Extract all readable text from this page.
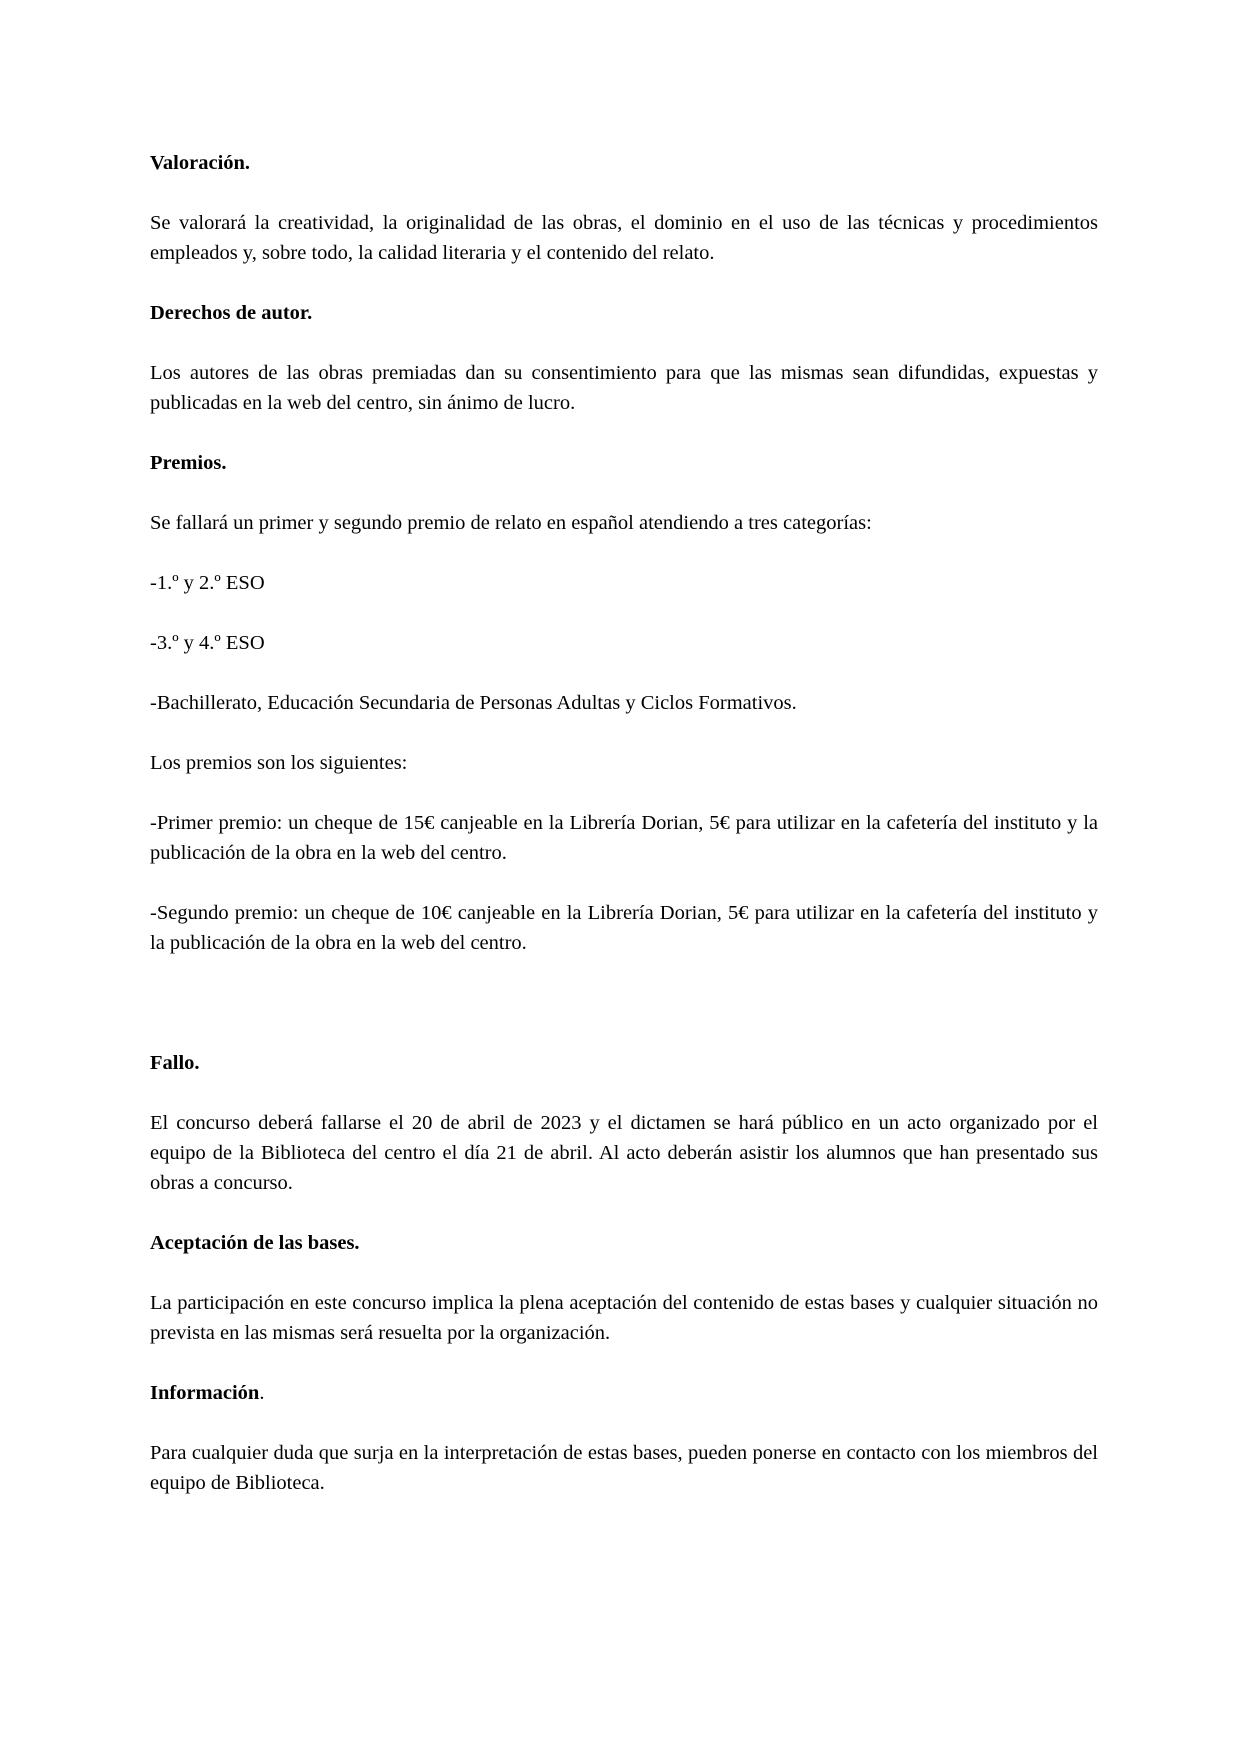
Valoración.

Se valorará la creatividad, la originalidad de las obras, el dominio en el uso de las técnicas y procedimientos empleados y, sobre todo, la calidad literaria y el contenido del relato.

Derechos de autor.

Los autores de las obras premiadas dan su consentimiento para que las mismas sean difundidas, expuestas y publicadas en la web del centro, sin ánimo de lucro.

Premios.

Se fallará un primer y segundo premio de relato en español atendiendo a tres categorías:

-1.º y 2.º ESO

-3.º y 4.º ESO

-Bachillerato, Educación Secundaria de Personas Adultas y Ciclos Formativos.

Los premios son los siguientes:

-Primer premio: un cheque de 15€ canjeable en la Librería Dorian, 5€ para utilizar en la cafetería del instituto y la publicación de la obra en la web del centro.

-Segundo premio: un cheque de 10€ canjeable en la Librería Dorian, 5€ para utilizar en la cafetería del instituto y la publicación de la obra en la web del centro.

Fallo.

El concurso deberá fallarse el 20 de abril de 2023 y el dictamen se hará público en un acto organizado por el equipo de la Biblioteca del centro el día 21 de abril. Al acto deberán asistir los alumnos que han presentado sus obras a concurso.

Aceptación de las bases.

La participación en este concurso implica la plena aceptación del contenido de estas bases y cualquier situación no prevista en las mismas será resuelta por la organización.

Información.

Para cualquier duda que surja en la interpretación de estas bases, pueden ponerse en contacto con los miembros del equipo de Biblioteca.
